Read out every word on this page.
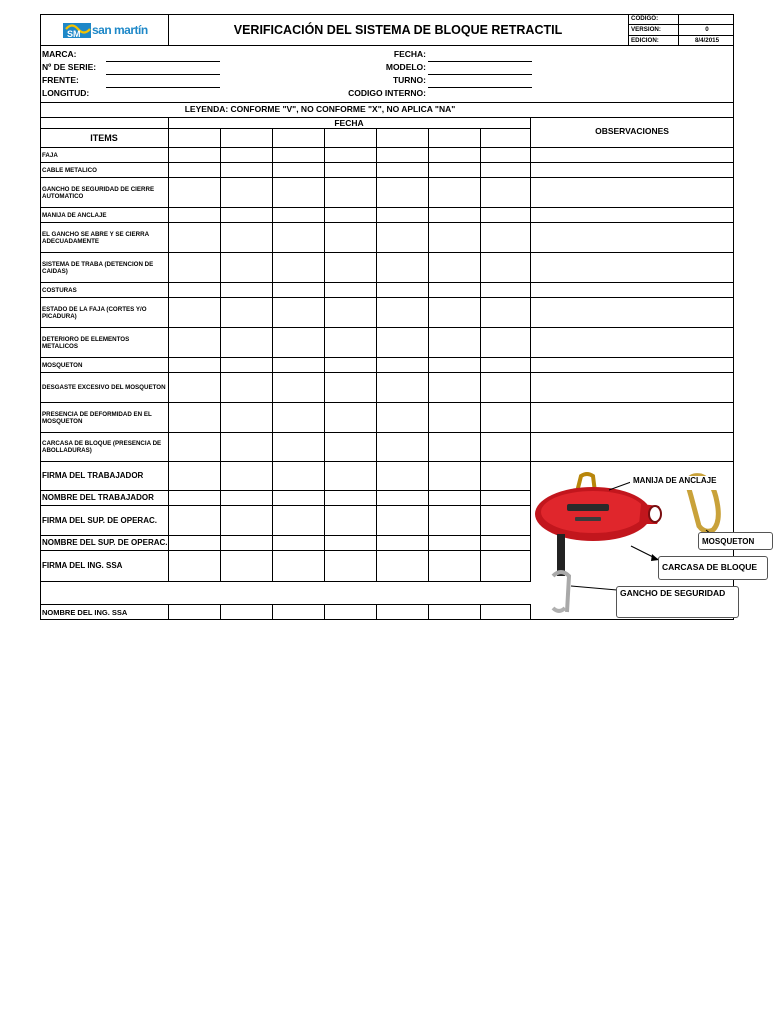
SM san martín	VERIFICACIÓN DEL SISTEMA DE BLOQUE RETRACTIL
CODIGO:
VERSION:	0
EDICION:	8/4/2015
MARCA:
Nº DE SERIE:
FRENTE:
LONGITUD:
FECHA:
MODELO:
TURNO:
CODIGO INTERNO:
LEYENDA: CONFORME "V", NO CONFORME "X", NO APLICA "NA"
FECHA
ITEMS
OBSERVACIONES
FAJA
CABLE METALICO
GANCHO DE SEGURIDAD DE CIERRE AUTOMATICO
MANIJA DE ANCLAJE
EL GANCHO SE ABRE Y SE CIERRA ADECUADAMENTE
SISTEMA DE TRABA (DETENCION DE CAIDAS)
COSTURAS
ESTADO DE LA FAJA (CORTES Y/O PICADURA)
DETERIORO DE ELEMENTOS METALICOS
MOSQUETON
DESGASTE EXCESIVO DEL MOSQUETON
PRESENCIA DE DEFORMIDAD EN EL MOSQUETON
CARCASA DE BLOQUE (PRESENCIA DE ABOLLADURAS)
FIRMA DEL TRABAJADOR
NOMBRE DEL TRABAJADOR
FIRMA DEL SUP. DE OPERAC.
NOMBRE DEL SUP. DE OPERAC.
FIRMA DEL ING. SSA
NOMBRE DEL ING. SSA
MANIJA DE ANCLAJE
MOSQUETON
CARCASA DE BLOQUE
GANCHO DE SEGURIDAD
